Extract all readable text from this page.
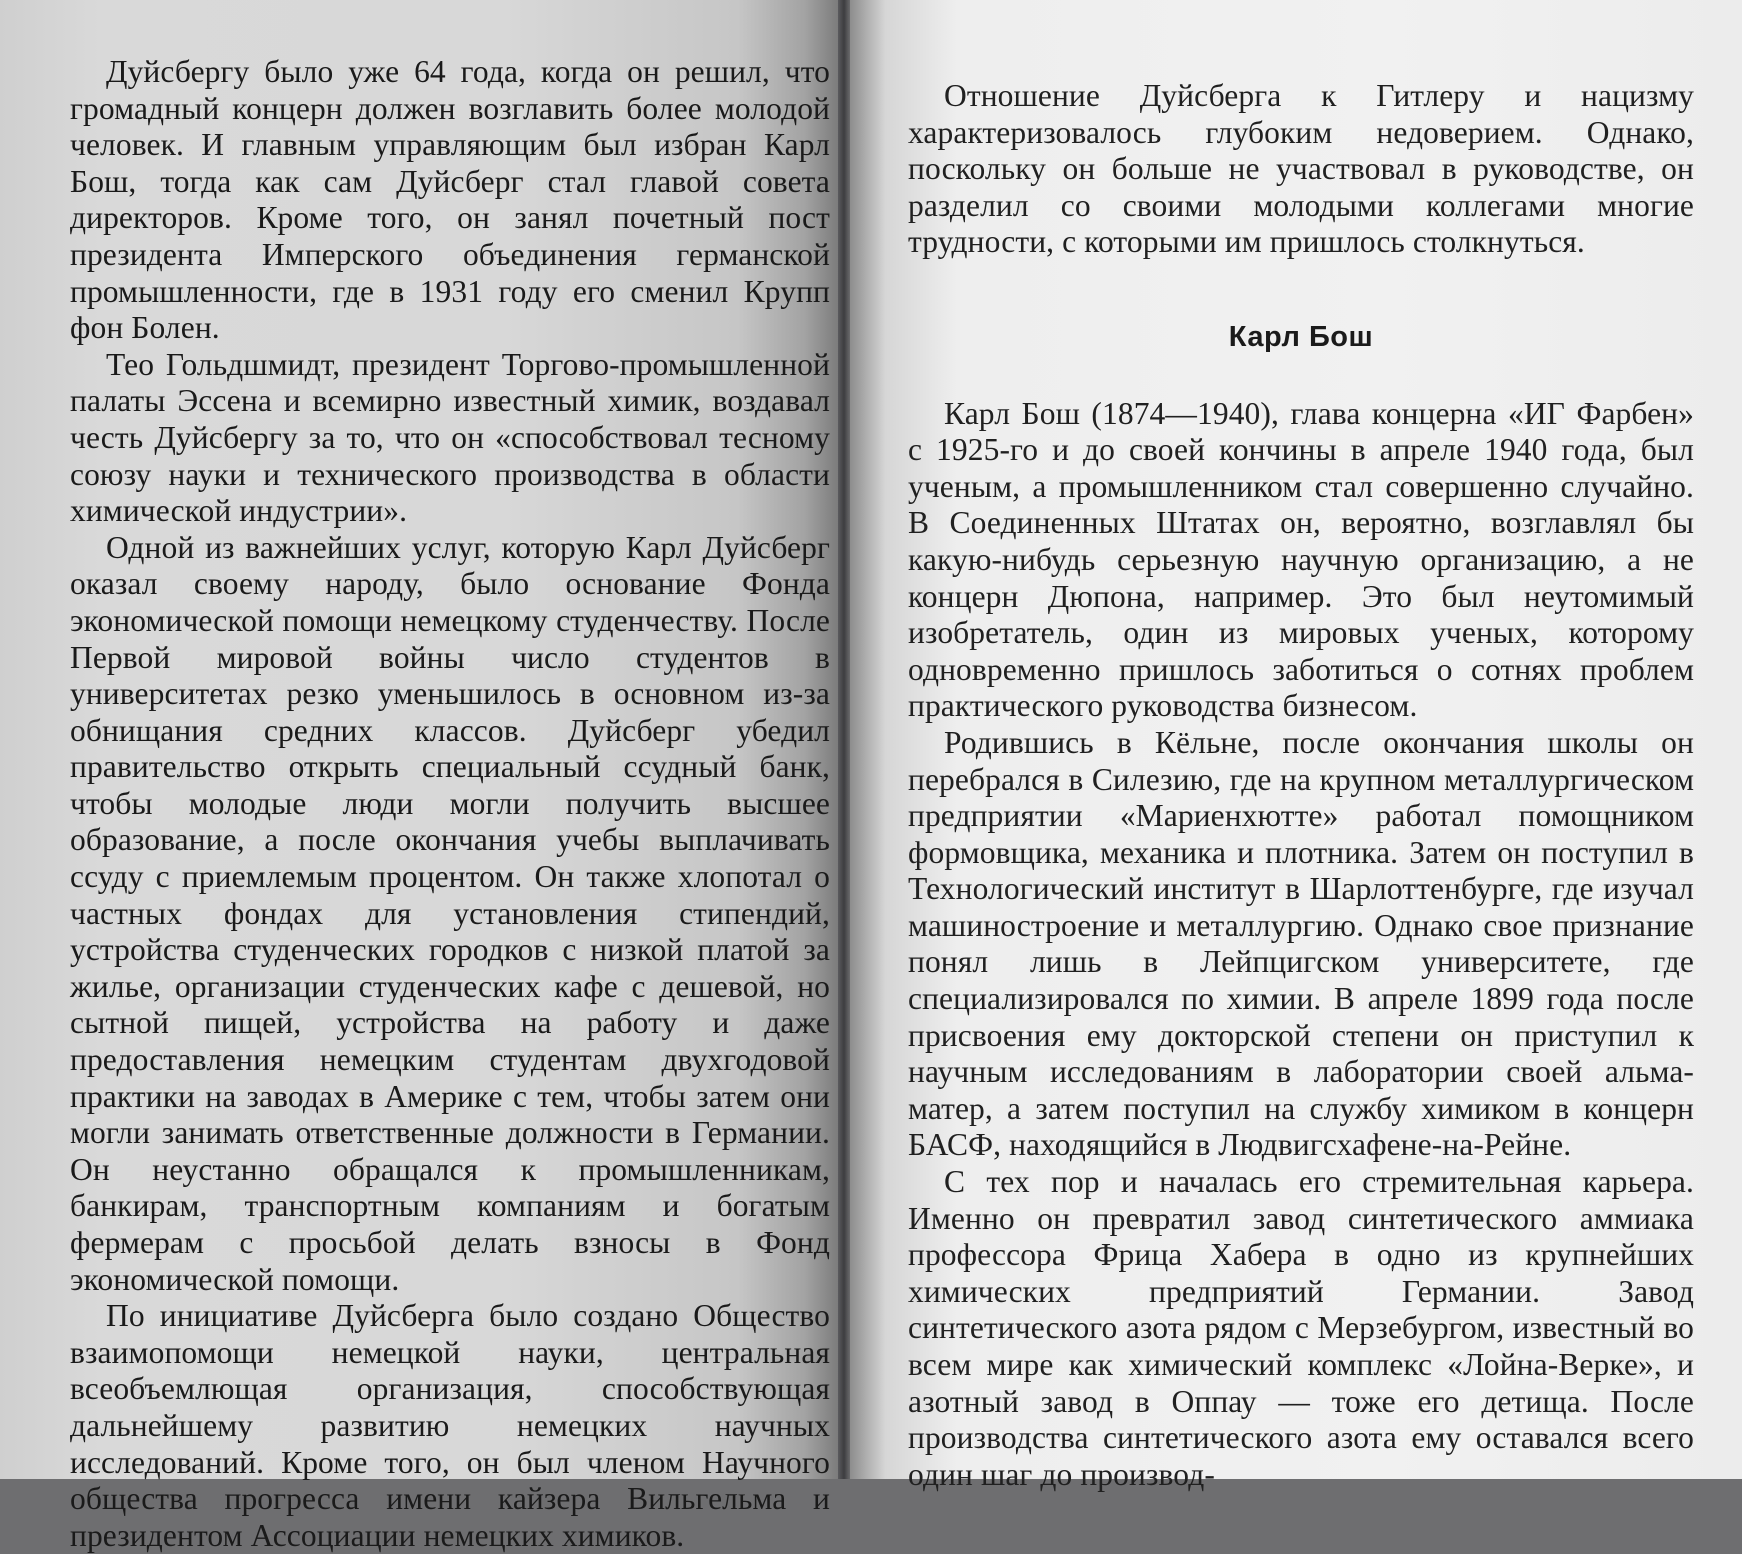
Дуйсбергу было уже 64 года, когда он решил, что громадный концерн должен возглавить более молодой человек. И главным управляющим был избран Карл Бош, тогда как сам Дуйсберг стал главой совета директоров. Кроме того, он занял почетный пост президента Имперского объединения германской промышленности, где в 1931 году его сменил Крупп фон Болен.

Тео Гольдшмидт, президент Торгово-промышленной палаты Эссена и всемирно известный химик, воздавал честь Дуйсбергу за то, что он «способствовал тесному союзу науки и технического производства в области химической индустрии».

Одной из важнейших услуг, которую Карл Дуйсберг оказал своему народу, было основание Фонда экономической помощи немецкому студенчеству. После Первой мировой войны число студентов в университетах резко уменьшилось в основном из-за обнищания средних классов. Дуйсберг убедил правительство открыть специальный ссудный банк, чтобы молодые люди могли получить высшее образование, а после окончания учебы выплачивать ссуду с приемлемым процентом. Он также хлопотал о частных фондах для установления стипендий, устройства студенческих городков с низкой платой за жилье, организации студенческих кафе с дешевой, но сытной пищей, устройства на работу и даже предоставления немецким студентам двухгодовой практики на заводах в Америке с тем, чтобы затем они могли занимать ответственные должности в Германии. Он неустанно обращался к промышленникам, банкирам, транспортным компаниям и богатым фермерам с просьбой делать взносы в Фонд экономической помощи.

По инициативе Дуйсберга было создано Общество взаимопомощи немецкой науки, центральная всеобъемлющая организация, способствующая дальнейшему развитию немецких научных исследований. Кроме того, он был членом Научного общества прогресса имени кайзера Вильгельма и президентом Ассоциации немецких химиков.

Отношение Дуйсберга к Гитлеру и нацизму характеризовалось глубоким недоверием. Однако, поскольку он больше не участвовал в руководстве, он разделил со своими молодыми коллегами многие трудности, с которыми им пришлось столкнуться.

Карл Бош

Карл Бош (1874—1940), глава концерна «ИГ Фарбен» с 1925-го и до своей кончины в апреле 1940 года, был ученым, а промышленником стал совершенно случайно. В Соединенных Штатах он, вероятно, возглавлял бы какую-нибудь серьезную научную организацию, а не концерн Дюпона, например. Это был неутомимый изобретатель, один из мировых ученых, которому одновременно пришлось заботиться о сотнях проблем практического руководства бизнесом.

Родившись в Кёльне, после окончания школы он перебрался в Силезию, где на крупном металлургическом предприятии «Мариенхютте» работал помощником формовщика, механика и плотника. Затем он поступил в Технологический институт в Шарлоттенбурге, где изучал машиностроение и металлургию. Однако свое признание понял лишь в Лейпцигском университете, где специализировался по химии. В апреле 1899 года после присвоения ему докторской степени он приступил к научным исследованиям в лаборатории своей альма-матер, а затем поступил на службу химиком в концерн БАСФ, находящийся в Людвигсхафене-на-Рейне.

С тех пор и началась его стремительная карьера. Именно он превратил завод синтетического аммиака профессора Фрица Хабера в одно из крупнейших химических предприятий Германии. Завод синтетического азота рядом с Мерзебургом, известный во всем мире как химический комплекс «Лойна-Верке», и азотный завод в Оппау — тоже его детища. После производства синтетического азота ему оставался всего один шаг до производ-
